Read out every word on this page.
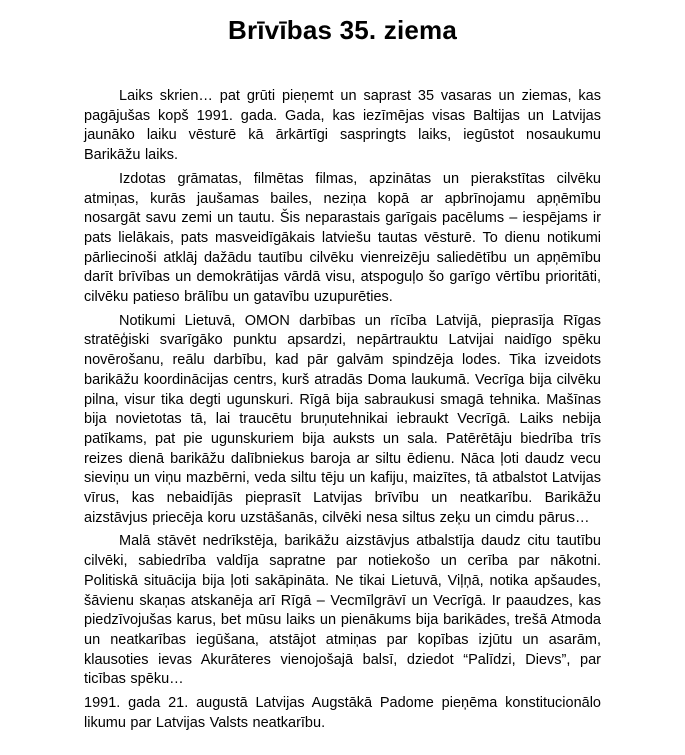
Brīvības 35. ziema

Laiks skrien… pat grūti pieņemt un saprast 35 vasaras un ziemas, kas pagājušas kopš 1991. gada. Gada, kas iezīmējas visas Baltijas un Latvijas jaunāko laiku vēsturē kā ārkārtīgi saspringts laiks, iegūstot nosaukumu Barikāžu laiks.

Izdotas grāmatas, filmētas filmas, apzinātas un pierakstītas cilvēku atmiņas, kurās jaušamas bailes, neziņa kopā ar apbrīnojamu apņēmību nosargāt savu zemi un tautu. Šis neparastais garīgais pacēlums – iespējams ir pats lielākais, pats masveidīgākais latviešu tautas vēsturē. To dienu notikumi pārliecinoši atklāj dažādu tautību cilvēku vienreizēju saliedētību un apņēmību darīt brīvības un demokrātijas vārdā visu, atspoguļo šo garīgo vērtību prioritāti, cilvēku patieso brālību un gatavību uzupurēties.

Notikumi Lietuvā, OMON darbības un rīcība Latvijā, pieprasīja Rīgas stratēģiski svarīgāko punktu apsardzi, nepārtrauktu Latvijai naidīgo spēku novērošanu, reālu darbību, kad pār galvām spindzēja lodes. Tika izveidots barikāžu koordinācijas centrs, kurš atradās Doma laukumā. Vecrīga bija cilvēku pilna, visur tika degti ugunskuri. Rīgā bija sabraukusi smagā tehnika. Mašīnas bija novietotas tā, lai traucētu bruņutehnikai iebraukt Vecrīgā. Laiks nebija patīkams, pat pie ugunskuriem bija auksts un sala. Patērētāju biedrība trīs reizes dienā barikāžu dalībniekus baroja ar siltu ēdienu. Nāca ļoti daudz vecu sieviņu un viņu mazbērni, veda siltu tēju un kafiju, maizītes, tā atbalstot Latvijas vīrus, kas nebaidījās pieprasīt Latvijas brīvību un neatkarību. Barikāžu aizstāvjus priecēja koru uzstāšanās, cilvēki nesa siltus zeķu un cimdu pārus…

Malā stāvēt nedrīkstēja, barikāžu aizstāvjus atbalstīja daudz citu tautību cilvēki, sabiedrība valdīja sapratne par notiekošo un cerība par nākotni. Politiskā situācija bija ļoti sakāpināta. Ne tikai Lietuvā, Viļņā, notika apšaudes, šāvienu skaņas atskanēja arī Rīgā – Vecmīlgrāvī un Vecrīgā. Ir paaudzes, kas piedzīvojušas karus, bet mūsu laiks un pienākums bija barikādes, trešā Atmoda un neatkarības iegūšana, atstājot atmiņas par kopības izjūtu un asarām, klausoties ievas Akurāteres vienojošajā balsī, dziedot “Palīdzi, Dievs”, par ticības spēku…

1991. gada 21. augustā Latvijas Augstākā Padome pieņēma konstitucionālo likumu par Latvijas Valsts neatkarību.
